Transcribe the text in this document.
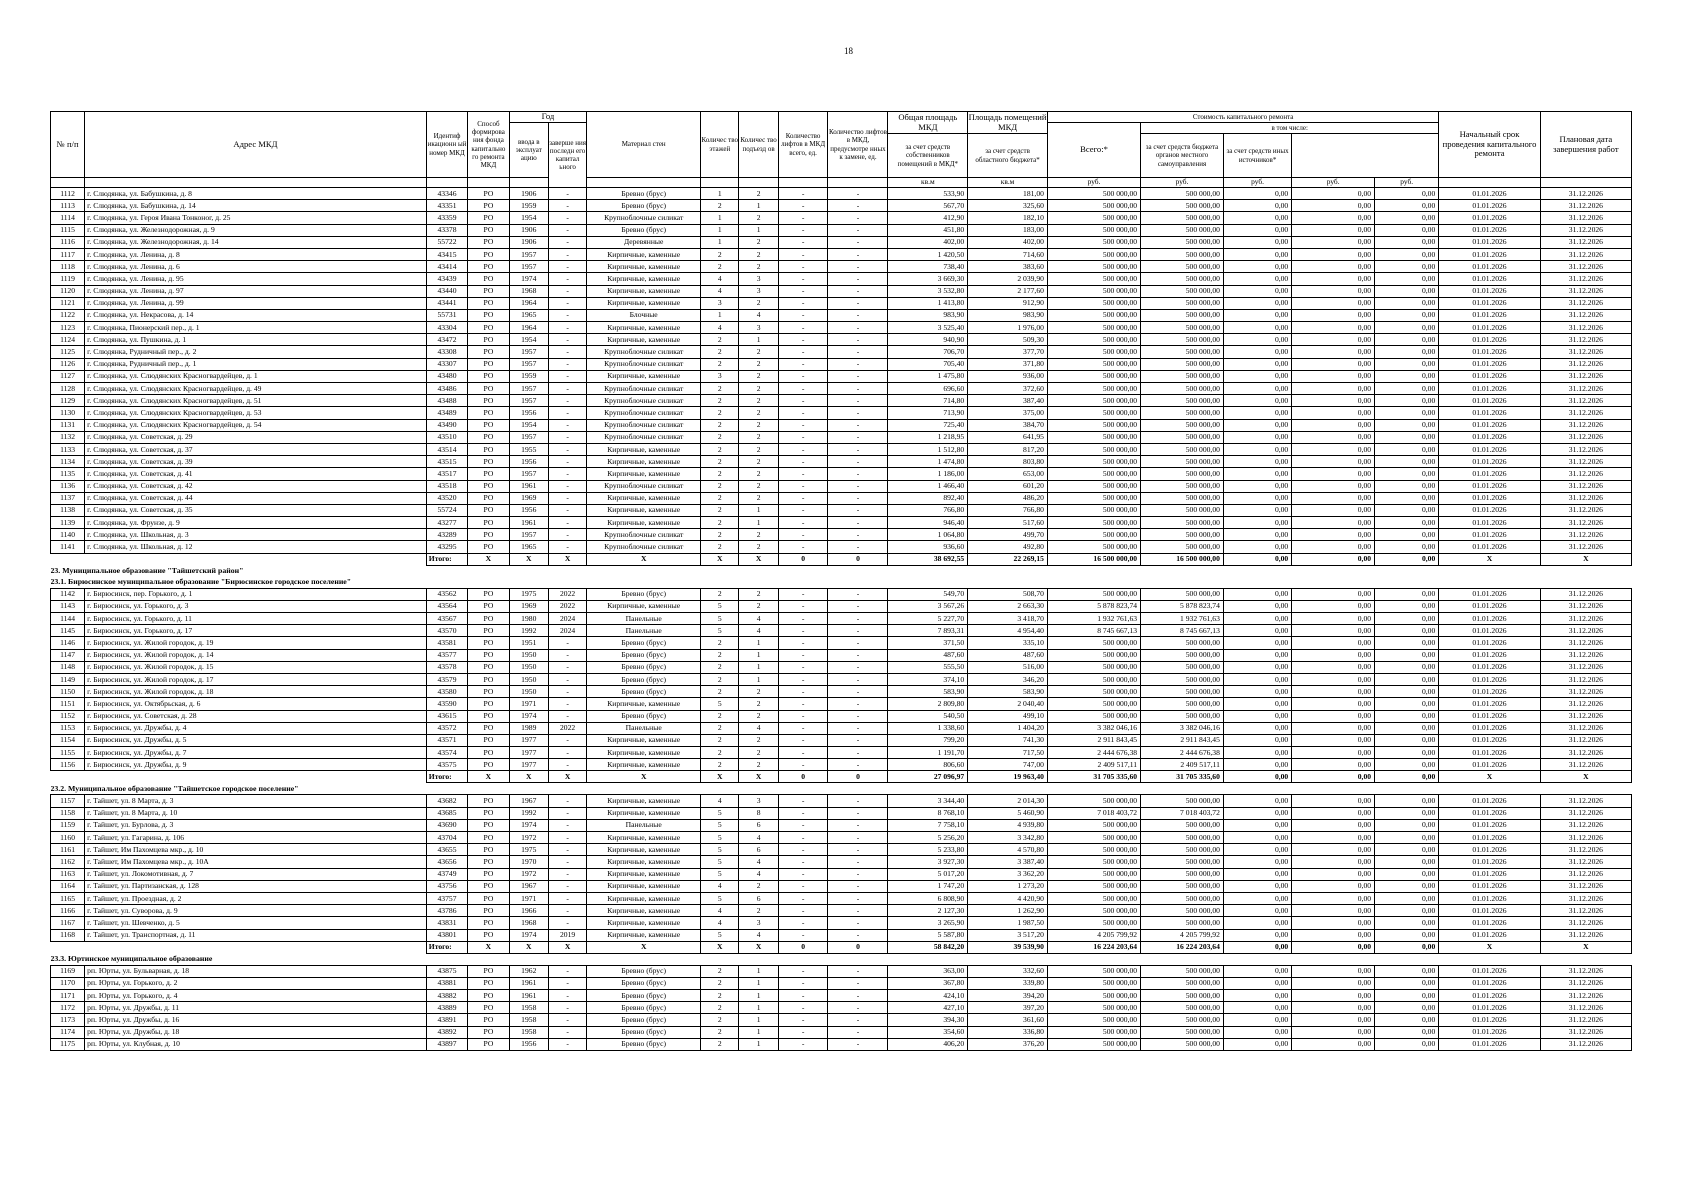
18
№ п/п	Адрес МКД	Идентиф икационн ый номер МКД	Способ формирова ния фонда капитально го ремонта МКД	Год		Материал стен	Количес тво этажей	Количес тво подъезд ов	Количество лифтов в МКД всего, ед.	Количество лифтов в МКД, предусмотре нных к замене, ед.	Общая площадь МКД	Площадь помещений МКД	Стоимость капитального ремонта					Начальный срок проведения капитального ремонта	Плановая дата завершения работ
				ввода в эксплуат ацию	заверше ния последн его капитал ьного								Всего:*	в том числе:					
											за счет средств собственников помещений в МКД*	за счет средств областного бюджета*		за счет средств бюджета органов местного самоуправления	за счет средств иных источников*				
											кв.м	кв.м	руб.	руб.	руб.	руб.	руб.		
1112	г. Слюдянка, ул. Бабушкина, д. 8	43346	РО	1906	-	Бревно (брус)	1	2	-	-	533,90	181,00	500 000,00	500 000,00	0,00	0,00	0,00	01.01.2026	31.12.2026
1113	г. Слюдянка, ул. Бабушкина, д. 14	43351	РО	1959	-	Бревно (брус)	2	1	-	-	567,70	325,60	500 000,00	500 000,00	0,00	0,00	0,00	01.01.2026	31.12.2026
1114	г. Слюдянка, ул. Героя Ивана Тонконог, д. 25	43359	РО	1954	-	Крупноблочные силикат	1	2	-	-	412,90	182,10	500 000,00	500 000,00	0,00	0,00	0,00	01.01.2026	31.12.2026
1115	г. Слюдянка, ул. Железнодорожная, д. 9	43378	РО	1906	-	Бревно (брус)	1	1	-	-	451,80	183,00	500 000,00	500 000,00	0,00	0,00	0,00	01.01.2026	31.12.2026
1116	г. Слюдянка, ул. Железнодорожная, д. 14	55722	РО	1906	-	Деревянные	1	2	-	-	402,00	402,00	500 000,00	500 000,00	0,00	0,00	0,00	01.01.2026	31.12.2026
1117	г. Слюдянка, ул. Ленина, д. 8	43415	РО	1957	-	Кирпичные, каменные	2	2	-	-	1 420,50	714,60	500 000,00	500 000,00	0,00	0,00	0,00	01.01.2026	31.12.2026
1118	г. Слюдянка, ул. Ленина, д. 6	43414	РО	1957	-	Кирпичные, каменные	2	2	-	-	738,40	383,60	500 000,00	500 000,00	0,00	0,00	0,00	01.01.2026	31.12.2026
1119	г. Слюдянка, ул. Ленина, д. 95	43439	РО	1974	-	Кирпичные, каменные	4	3	-	-	3 669,30	2 039,90	500 000,00	500 000,00	0,00	0,00	0,00	01.01.2026	31.12.2026
1120	г. Слюдянка, ул. Ленина, д. 97	43440	РО	1968	-	Кирпичные, каменные	4	3	-	-	3 532,80	2 177,60	500 000,00	500 000,00	0,00	0,00	0,00	01.01.2026	31.12.2026
1121	г. Слюдянка, ул. Ленина, д. 99	43441	РО	1964	-	Кирпичные, каменные	3	2	-	-	1 413,80	912,90	500 000,00	500 000,00	0,00	0,00	0,00	01.01.2026	31.12.2026
1122	г. Слюдянка, ул. Некрасова, д. 14	55731	РО	1965	-	Блочные	1	4	-	-	983,90	983,90	500 000,00	500 000,00	0,00	0,00	0,00	01.01.2026	31.12.2026
1123	г. Слюдянка, Пионерский пер., д. 1	43304	РО	1964	-	Кирпичные, каменные	4	3	-	-	3 525,40	1 976,00	500 000,00	500 000,00	0,00	0,00	0,00	01.01.2026	31.12.2026
1124	г. Слюдянка, ул. Пушкина, д. 1	43472	РО	1954	-	Кирпичные, каменные	2	1	-	-	940,90	509,30	500 000,00	500 000,00	0,00	0,00	0,00	01.01.2026	31.12.2026
1125	г. Слюдянка, Рудничный пер., д. 2	43308	РО	1957	-	Крупноблочные силикат	2	2	-	-	706,70	377,70	500 000,00	500 000,00	0,00	0,00	0,00	01.01.2026	31.12.2026
1126	г. Слюдянка, Рудничный пер., д. 1	43307	РО	1957	-	Крупноблочные силикат	2	2	-	-	705,40	371,80	500 000,00	500 000,00	0,00	0,00	0,00	01.01.2026	31.12.2026
1127	г. Слюдянка, ул. Слюдянских Красногвардейцев, д. 1	43480	РО	1959	-	Кирпичные, каменные	3	2	-	-	1 475,80	936,00	500 000,00	500 000,00	0,00	0,00	0,00	01.01.2026	31.12.2026
1128	г. Слюдянка, ул. Слюдянских Красногвардейцев, д. 49	43486	РО	1957	-	Крупноблочные силикат	2	2	-	-	696,60	372,60	500 000,00	500 000,00	0,00	0,00	0,00	01.01.2026	31.12.2026
1129	г. Слюдянка, ул. Слюдянских Красногвардейцев, д. 51	43488	РО	1957	-	Крупноблочные силикат	2	2	-	-	714,80	387,40	500 000,00	500 000,00	0,00	0,00	0,00	01.01.2026	31.12.2026
1130	г. Слюдянка, ул. Слюдянских Красногвардейцев, д. 53	43489	РО	1956	-	Крупноблочные силикат	2	2	-	-	713,90	375,00	500 000,00	500 000,00	0,00	0,00	0,00	01.01.2026	31.12.2026
1131	г. Слюдянка, ул. Слюдянских Красногвардейцев, д. 54	43490	РО	1954	-	Крупноблочные силикат	2	2	-	-	725,40	384,70	500 000,00	500 000,00	0,00	0,00	0,00	01.01.2026	31.12.2026
1132	г. Слюдянка, ул. Советская, д. 29	43510	РО	1957	-	Крупноблочные силикат	2	2	-	-	1 218,95	641,95	500 000,00	500 000,00	0,00	0,00	0,00	01.01.2026	31.12.2026
1133	г. Слюдянка, ул. Советская, д. 37	43514	РО	1955	-	Кирпичные, каменные	2	2	-	-	1 512,80	817,20	500 000,00	500 000,00	0,00	0,00	0,00	01.01.2026	31.12.2026
1134	г. Слюдянка, ул. Советская, д. 39	43515	РО	1956	-	Кирпичные, каменные	2	2	-	-	1 474,80	803,80	500 000,00	500 000,00	0,00	0,00	0,00	01.01.2026	31.12.2026
1135	г. Слюдянка, ул. Советская, д. 41	43517	РО	1957	-	Кирпичные, каменные	2	2	-	-	1 186,00	653,00	500 000,00	500 000,00	0,00	0,00	0,00	01.01.2026	31.12.2026
1136	г. Слюдянка, ул. Советская, д. 42	43518	РО	1961	-	Крупноблочные силикат	2	2	-	-	1 466,40	601,20	500 000,00	500 000,00	0,00	0,00	0,00	01.01.2026	31.12.2026
1137	г. Слюдянка, ул. Советская, д. 44	43520	РО	1969	-	Кирпичные, каменные	2	2	-	-	892,40	486,20	500 000,00	500 000,00	0,00	0,00	0,00	01.01.2026	31.12.2026
1138	г. Слюдянка, ул. Советская, д. 35	55724	РО	1956	-	Кирпичные, каменные	2	1	-	-	766,80	766,80	500 000,00	500 000,00	0,00	0,00	0,00	01.01.2026	31.12.2026
1139	г. Слюдянка, ул. Фрунзе, д. 9	43277	РО	1961	-	Кирпичные, каменные	2	1	-	-	946,40	517,60	500 000,00	500 000,00	0,00	0,00	0,00	01.01.2026	31.12.2026
1140	г. Слюдянка, ул. Школьная, д. 3	43289	РО	1957	-	Крупноблочные силикат	2	2	-	-	1 064,80	499,70	500 000,00	500 000,00	0,00	0,00	0,00	01.01.2026	31.12.2026
1141	г. Слюдянка, ул. Школьная, д. 12	43295	РО	1965	-	Крупноблочные силикат	2	2	-	-	936,60	492,80	500 000,00	500 000,00	0,00	0,00	0,00	01.01.2026	31.12.2026
		Итого:	Х	Х	Х	Х	Х	Х	0	0	38 692,55	22 269,15	16 500 000,00	16 500 000,00	0,00	0,00	0,00	Х	Х
23. Муниципальное образование "Тайшетский район"																			
23.1. Бирюсинское муниципальное образование "Бирюсинское городское поселение"																			
1142	г. Бирюсинск, пер. Горького, д. 1	43562	РО	1975	2022	Бревно (брус)	2	2	-	-	549,70	508,70	500 000,00	500 000,00	0,00	0,00	0,00	01.01.2026	31.12.2026
1143	г. Бирюсинск, ул. Горького, д. 3	43564	РО	1969	2022	Кирпичные, каменные	5	2	-	-	3 567,26	2 663,30	5 878 823,74	5 878 823,74	0,00	0,00	0,00	01.01.2026	31.12.2026
1144	г. Бирюсинск, ул. Горького, д. 11	43567	РО	1980	2024	Панельные	5	4	-	-	5 227,70	3 418,70	1 932 761,63	1 932 761,63	0,00	0,00	0,00	01.01.2026	31.12.2026
1145	г. Бирюсинск, ул. Горького, д. 17	43570	РО	1992	2024	Панельные	5	4	-	-	7 893,31	4 954,40	8 745 667,13	8 745 667,13	0,00	0,00	0,00	01.01.2026	31.12.2026
1146	г. Бирюсинск, ул. Жилой городок, д. 19	43581	РО	1951	-	Бревно (брус)	2	1	-	-	371,50	335,10	500 000,00	500 000,00	0,00	0,00	0,00	01.01.2026	31.12.2026
1147	г. Бирюсинск, ул. Жилой городок, д. 14	43577	РО	1950	-	Бревно (брус)	2	1	-	-	487,60	487,60	500 000,00	500 000,00	0,00	0,00	0,00	01.01.2026	31.12.2026
1148	г. Бирюсинск, ул. Жилой городок, д. 15	43578	РО	1950	-	Бревно (брус)	2	1	-	-	555,50	516,00	500 000,00	500 000,00	0,00	0,00	0,00	01.01.2026	31.12.2026
1149	г. Бирюсинск, ул. Жилой городок, д. 17	43579	РО	1950	-	Бревно (брус)	2	1	-	-	374,10	346,20	500 000,00	500 000,00	0,00	0,00	0,00	01.01.2026	31.12.2026
1150	г. Бирюсинск, ул. Жилой городок, д. 18	43580	РО	1950	-	Бревно (брус)	2	2	-	-	583,90	583,90	500 000,00	500 000,00	0,00	0,00	0,00	01.01.2026	31.12.2026
1151	г. Бирюсинск, ул. Октябрьская, д. 6	43590	РО	1971	-	Кирпичные, каменные	5	2	-	-	2 809,80	2 040,40	500 000,00	500 000,00	0,00	0,00	0,00	01.01.2026	31.12.2026
1152	г. Бирюсинск, ул. Советская, д. 28	43615	РО	1974	-	Бревно (брус)	2	2	-	-	540,50	499,10	500 000,00	500 000,00	0,00	0,00	0,00	01.01.2026	31.12.2026
1153	г. Бирюсинск, ул. Дружбы, д. 4	43572	РО	1989	2022	Панельные	2	4	-	-	1 338,60	1 404,20	3 382 046,16	3 382 046,16	0,00	0,00	0,00	01.01.2026	31.12.2026
1154	г. Бирюсинск, ул. Дружбы, д. 5	43571	РО	1977	-	Кирпичные, каменные	2	2	-	-	799,20	741,30	2 911 843,45	2 911 843,45	0,00	0,00	0,00	01.01.2026	31.12.2026
1155	г. Бирюсинск, ул. Дружбы, д. 7	43574	РО	1977	-	Кирпичные, каменные	2	2	-	-	1 191,70	717,50	2 444 676,38	2 444 676,38	0,00	0,00	0,00	01.01.2026	31.12.2026
1156	г. Бирюсинск, ул. Дружбы, д. 9	43575	РО	1977	-	Кирпичные, каменные	2	2	-	-	806,60	747,00	2 409 517,11	2 409 517,11	0,00	0,00	0,00	01.01.2026	31.12.2026
		Итого:	Х	Х	Х	Х	Х	Х	0	0	27 096,97	19 963,40	31 705 335,60	31 705 335,60	0,00	0,00	0,00	Х	Х
23.2. Муниципальное образование "Тайшетское городское поселение"																			
1157	г. Тайшет, ул. 8 Марта, д. 3	43682	РО	1967	-	Кирпичные, каменные	4	3	-	-	3 344,40	2 014,30	500 000,00	500 000,00	0,00	0,00	0,00	01.01.2026	31.12.2026
1158	г. Тайшет, ул. 8 Марта, д. 10	43685	РО	1992	-	Кирпичные, каменные	5	8	-	-	8 768,10	5 460,90	7 018 403,72	7 018 403,72	0,00	0,00	0,00	01.01.2026	31.12.2026
1159	г. Тайшет, ул. Бурлова, д. 3	43690	РО	1974	-	Панельные	5	6	-	-	7 758,10	4 939,80	500 000,00	500 000,00	0,00	0,00	0,00	01.01.2026	31.12.2026
1160	г. Тайшет, ул. Гагарина, д. 106	43704	РО	1972	-	Кирпичные, каменные	5	4	-	-	5 256,20	3 342,80	500 000,00	500 000,00	0,00	0,00	0,00	01.01.2026	31.12.2026
1161	г. Тайшет, Им Пахомцева мкр., д. 10	43655	РО	1975	-	Кирпичные, каменные	5	6	-	-	5 233,80	4 570,80	500 000,00	500 000,00	0,00	0,00	0,00	01.01.2026	31.12.2026
1162	г. Тайшет, Им Пахомцева мкр., д. 10А	43656	РО	1970	-	Кирпичные, каменные	5	4	-	-	3 927,30	3 387,40	500 000,00	500 000,00	0,00	0,00	0,00	01.01.2026	31.12.2026
1163	г. Тайшет, ул. Локомотивная, д. 7	43749	РО	1972	-	Кирпичные, каменные	5	4	-	-	5 017,20	3 362,20	500 000,00	500 000,00	0,00	0,00	0,00	01.01.2026	31.12.2026
1164	г. Тайшет, ул. Партизанская, д. 128	43756	РО	1967	-	Кирпичные, каменные	4	2	-	-	1 747,20	1 273,20	500 000,00	500 000,00	0,00	0,00	0,00	01.01.2026	31.12.2026
1165	г. Тайшет, ул. Проездная, д. 2	43757	РО	1971	-	Кирпичные, каменные	5	6	-	-	6 808,90	4 420,90	500 000,00	500 000,00	0,00	0,00	0,00	01.01.2026	31.12.2026
1166	г. Тайшет, ул. Суворова, д. 9	43786	РО	1966	-	Кирпичные, каменные	4	2	-	-	2 127,30	1 262,90	500 000,00	500 000,00	0,00	0,00	0,00	01.01.2026	31.12.2026
1167	г. Тайшет, ул. Шевченко, д. 5	43831	РО	1968	-	Кирпичные, каменные	4	3	-	-	3 265,90	1 987,50	500 000,00	500 000,00	0,00	0,00	0,00	01.01.2026	31.12.2026
1168	г. Тайшет, ул. Транспортная, д. 11	43801	РО	1974	2019	Кирпичные, каменные	5	4	-	-	5 587,80	3 517,20	4 205 799,92	4 205 799,92	0,00	0,00	0,00	01.01.2026	31.12.2026
		Итого:	Х	Х	Х	Х	Х	Х	0	0	58 842,20	39 539,90	16 224 203,64	16 224 203,64	0,00	0,00	0,00	Х	Х
23.3. Юртинское муниципальное образование																			
1169	рп. Юрты, ул. Бульварная, д. 18	43875	РО	1962	-	Бревно (брус)	2	1	-	-	363,00	332,60	500 000,00	500 000,00	0,00	0,00	0,00	01.01.2026	31.12.2026
1170	рп. Юрты, ул. Горького, д. 2	43881	РО	1961	-	Бревно (брус)	2	1	-	-	367,80	339,80	500 000,00	500 000,00	0,00	0,00	0,00	01.01.2026	31.12.2026
1171	рп. Юрты, ул. Горького, д. 4	43882	РО	1961	-	Бревно (брус)	2	1	-	-	424,10	394,20	500 000,00	500 000,00	0,00	0,00	0,00	01.01.2026	31.12.2026
1172	рп. Юрты, ул. Дружбы, д. 11	43889	РО	1958	-	Бревно (брус)	2	1	-	-	427,10	397,20	500 000,00	500 000,00	0,00	0,00	0,00	01.01.2026	31.12.2026
1173	рп. Юрты, ул. Дружбы, д. 16	43891	РО	1958	-	Бревно (брус)	2	1	-	-	394,30	361,60	500 000,00	500 000,00	0,00	0,00	0,00	01.01.2026	31.12.2026
1174	рп. Юрты, ул. Дружбы, д. 18	43892	РО	1958	-	Бревно (брус)	2	1	-	-	354,60	336,80	500 000,00	500 000,00	0,00	0,00	0,00	01.01.2026	31.12.2026
1175	рп. Юрты, ул. Клубная, д. 10	43897	РО	1956	-	Бревно (брус)	2	1	-	-	406,20	376,20	500 000,00	500 000,00	0,00	0,00	0,00	01.01.2026	31.12.2026
